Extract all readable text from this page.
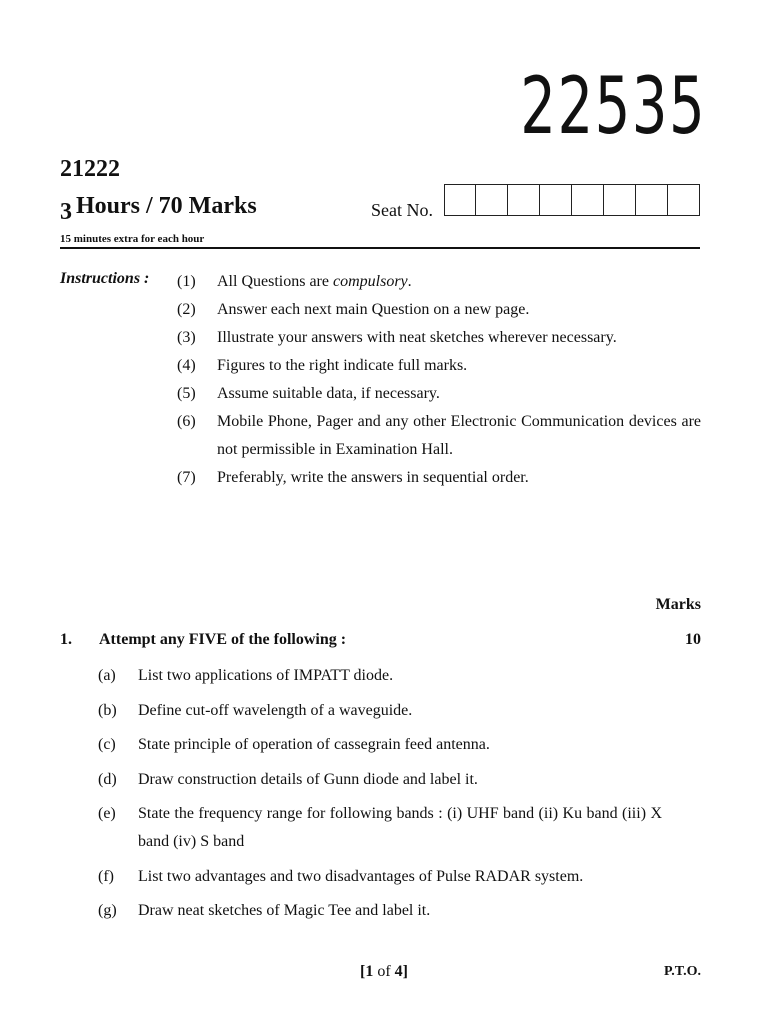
22535
21222
3 Hours / 70 Marks
15 minutes extra for each hour
Seat No.
Instructions : (1)	All Questions are compulsory.
(2)	Answer each next main Question on a new page.
(3)	Illustrate your answers with neat sketches wherever necessary.
(4)	Figures to the right indicate full marks.
(5)	Assume suitable data, if necessary.
(6)	Mobile Phone, Pager and any other Electronic Communication devices are not permissible in Examination Hall.
(7)	Preferably, write the answers in sequential order.
Marks
1. Attempt any FIVE of the following :	10
(a)	List two applications of IMPATT diode.
(b)	Define cut-off wavelength of a waveguide.
(c)	State principle of operation of cassegrain feed antenna.
(d)	Draw construction details of Gunn diode and label it.
(e)	State the frequency range for following bands : (i) UHF band (ii) Ku band (iii) X band (iv) S band
(f)	List two advantages and two disadvantages of Pulse RADAR system.
(g)	Draw neat sketches of Magic Tee and label it.
[1 of 4]	P.T.O.
